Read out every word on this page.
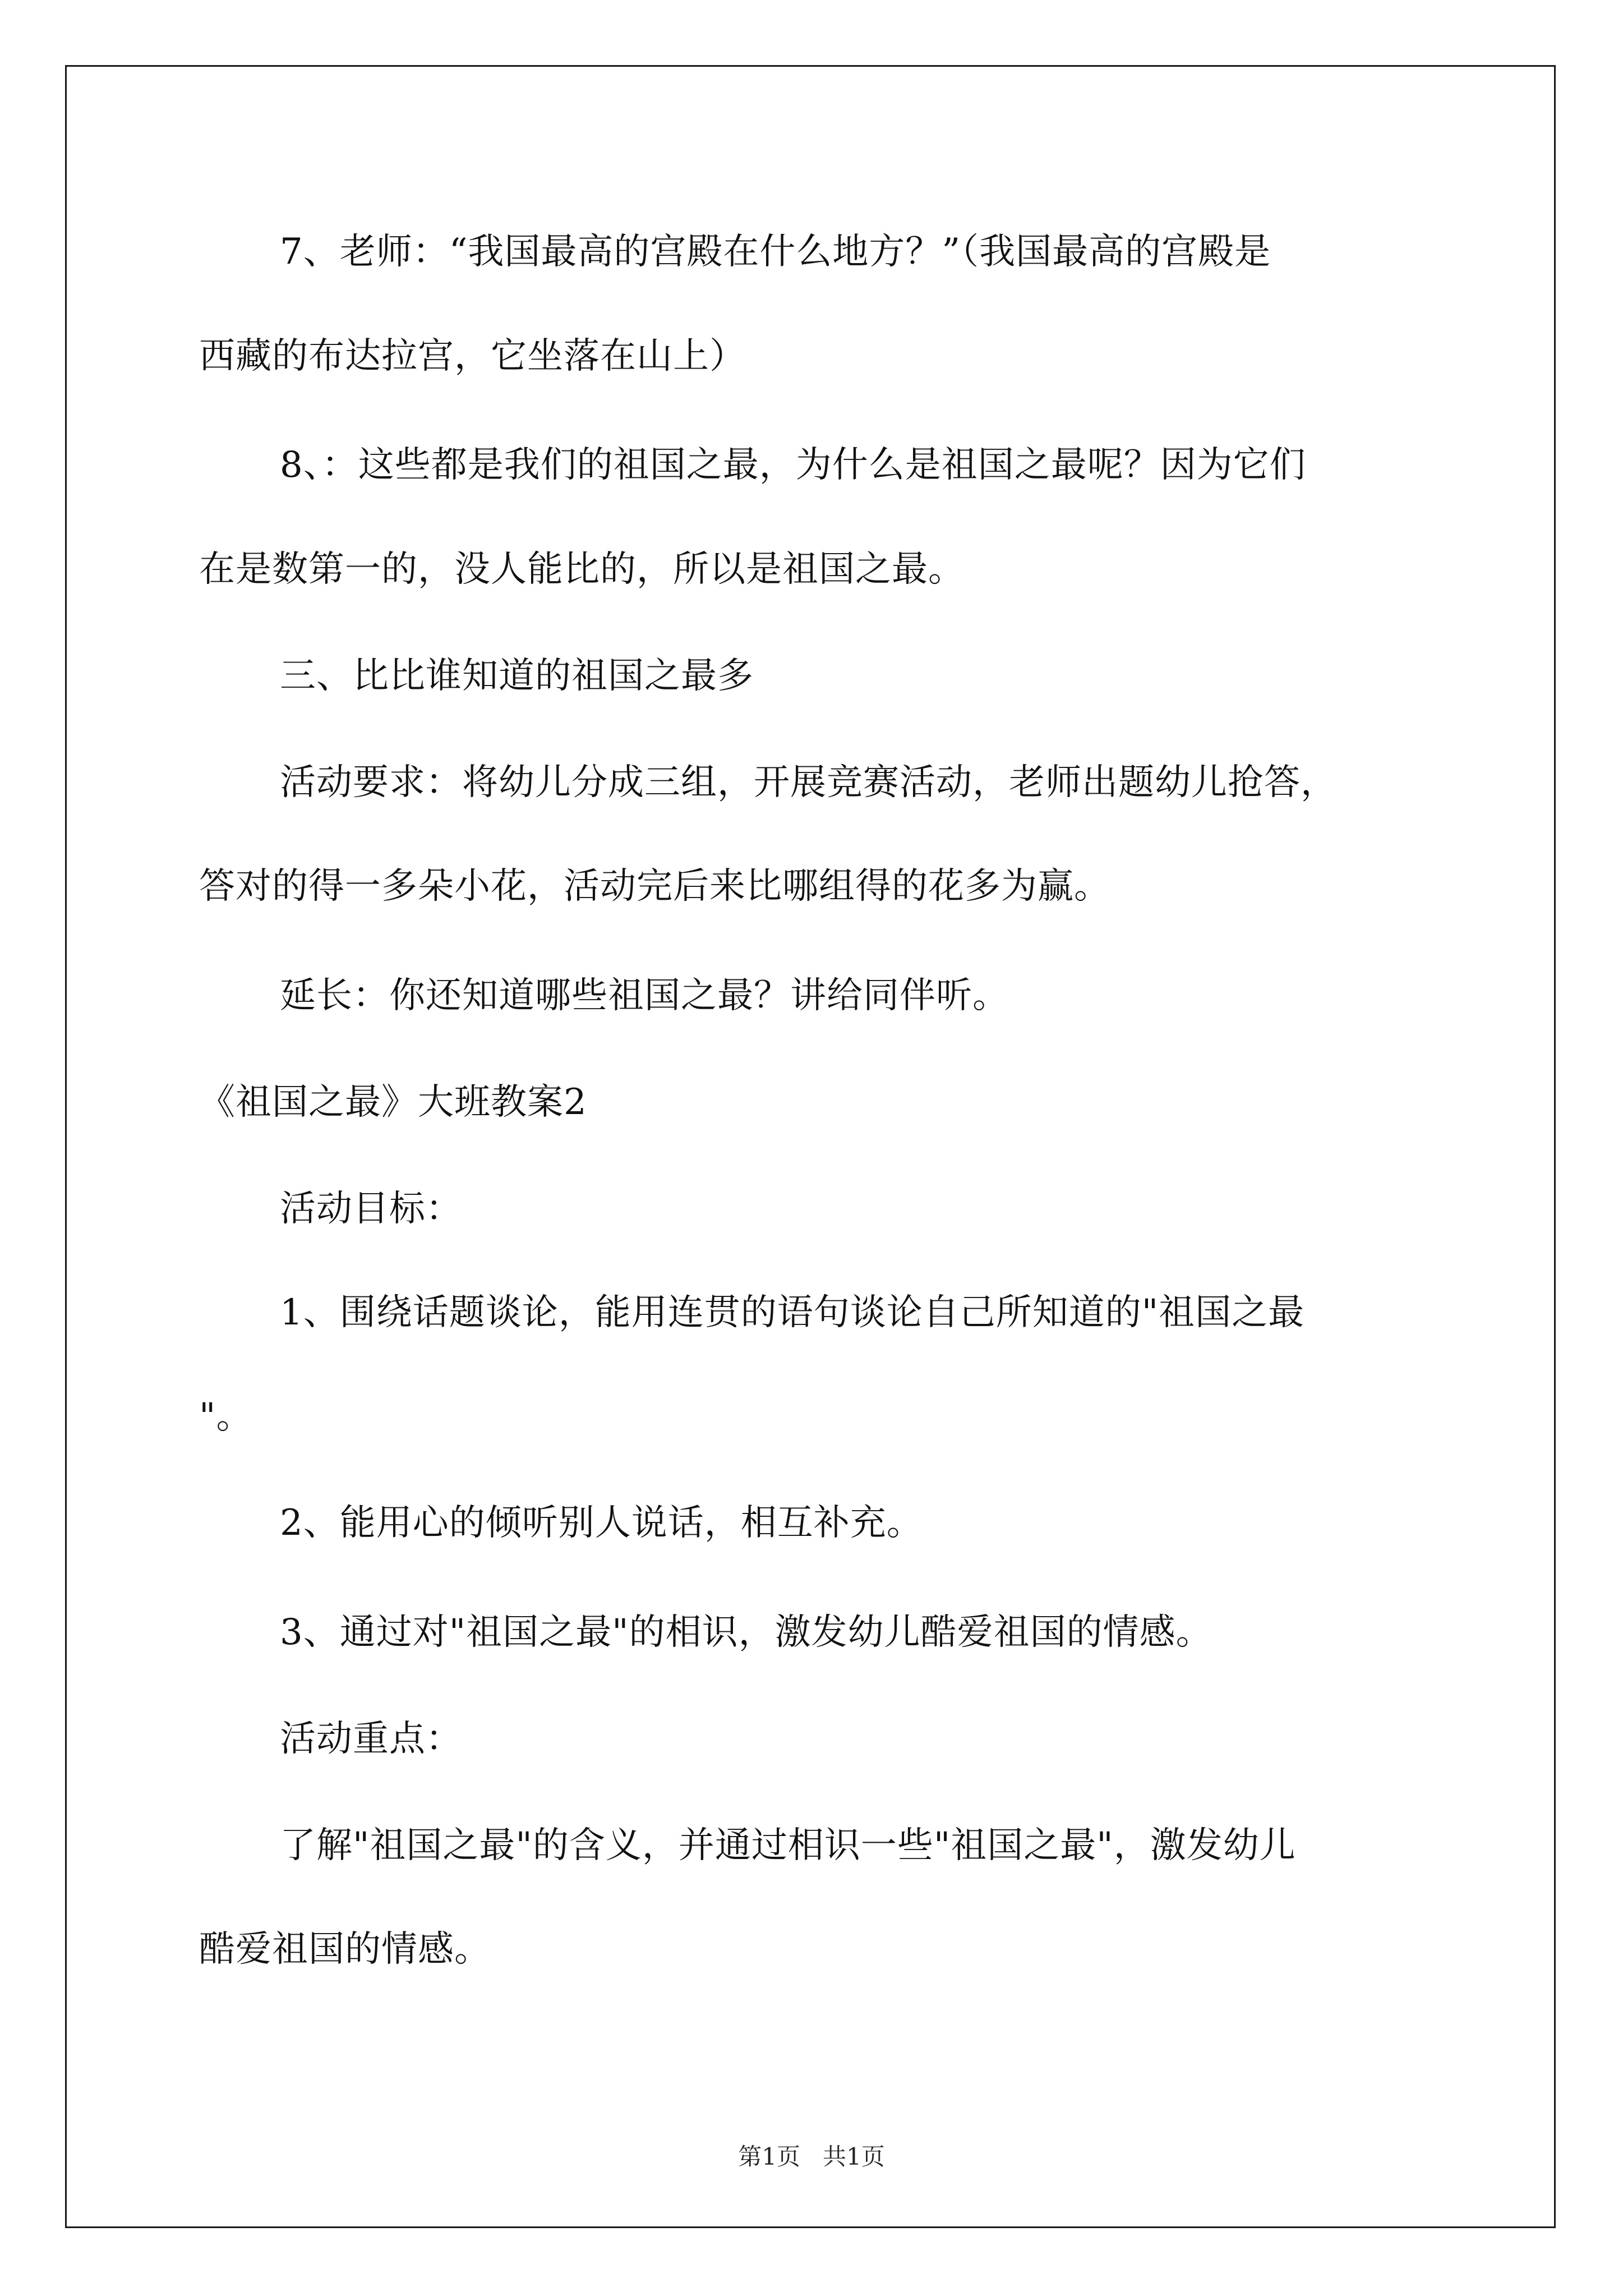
7、老师：“我国最高的宫殿在什么地方？”（我国最高的宫殿是
西藏的布达拉宫，它坐落在山上）
8、：这些都是我们的祖国之最，为什么是祖国之最呢？因为它们
在是数第一的，没人能比的，所以是祖国之最。
三、比比谁知道的祖国之最多
活动要求：将幼儿分成三组，开展竞赛活动，老师出题幼儿抢答，
答对的得一多朵小花，活动完后来比哪组得的花多为赢。
延长：你还知道哪些祖国之最？讲给同伴听。
《祖国之最》大班教案2
活动目标：
1、围绕话题谈论，能用连贯的语句谈论自己所知道的"祖国之最
"。
2、能用心的倾听别人说话，相互补充。
3、通过对"祖国之最"的相识，激发幼儿酷爱祖国的情感。
活动重点：
了解"祖国之最"的含义，并通过相识一些"祖国之最"，激发幼儿
酷爱祖国的情感。
第1页 共1页
